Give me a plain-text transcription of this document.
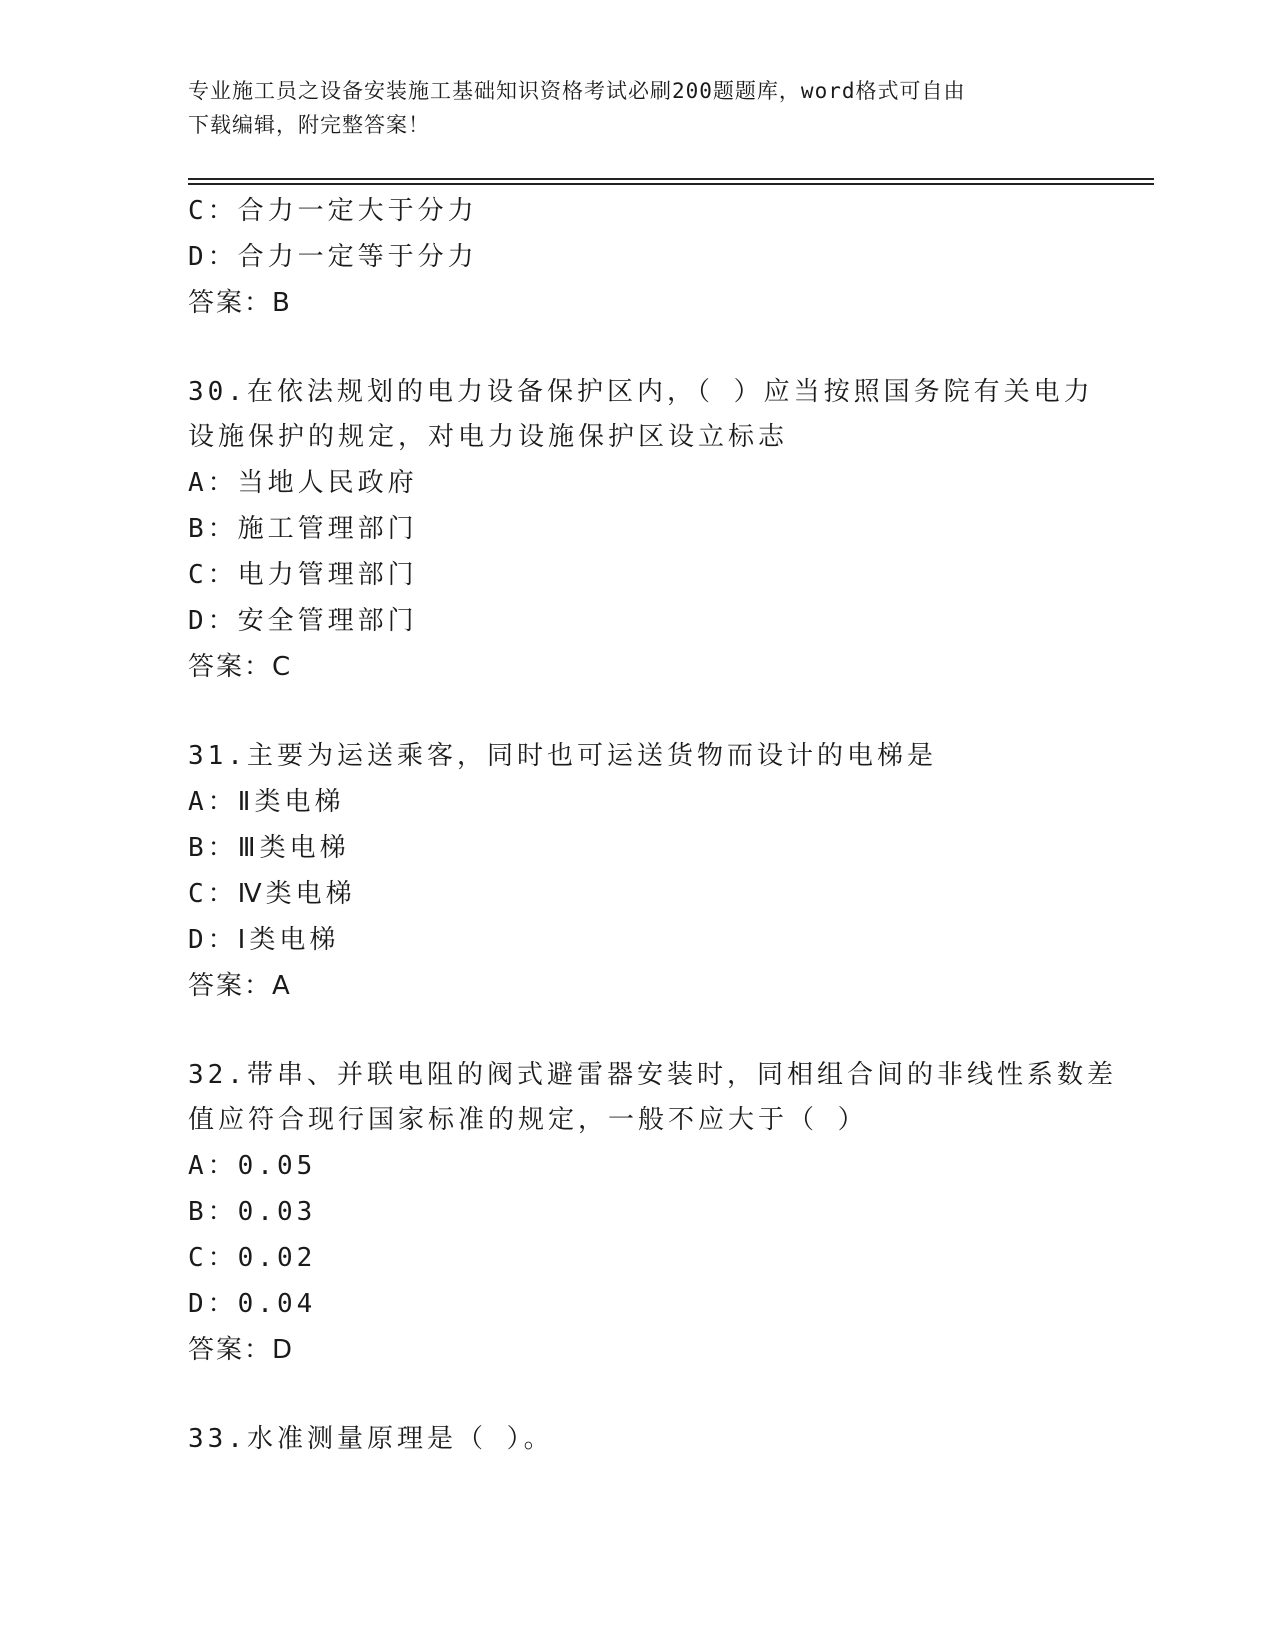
专业施工员之设备安装施工基础知识资格考试必刷200题题库，word格式可自由
下载编辑，附完整答案！
C：合力一定大于分力
D：合力一定等于分力
答案：B
30.在依法规划的电力设备保护区内，（ ）应当按照国务院有关电力
设施保护的规定，对电力设施保护区设立标志
A：当地人民政府
B：施工管理部门
C：电力管理部门
D：安全管理部门
答案：C
31.主要为运送乘客，同时也可运送货物而设计的电梯是
A：Ⅱ类电梯
B：Ⅲ类电梯
C：Ⅳ类电梯
D：Ⅰ类电梯
答案：A
32.带串、并联电阻的阀式避雷器安装时，同相组合间的非线性系数差
值应符合现行国家标准的规定，一般不应大于（ ）
A：0.05
B：0.03
C：0.02
D：0.04
答案：D
33.水准测量原理是（ ）。
